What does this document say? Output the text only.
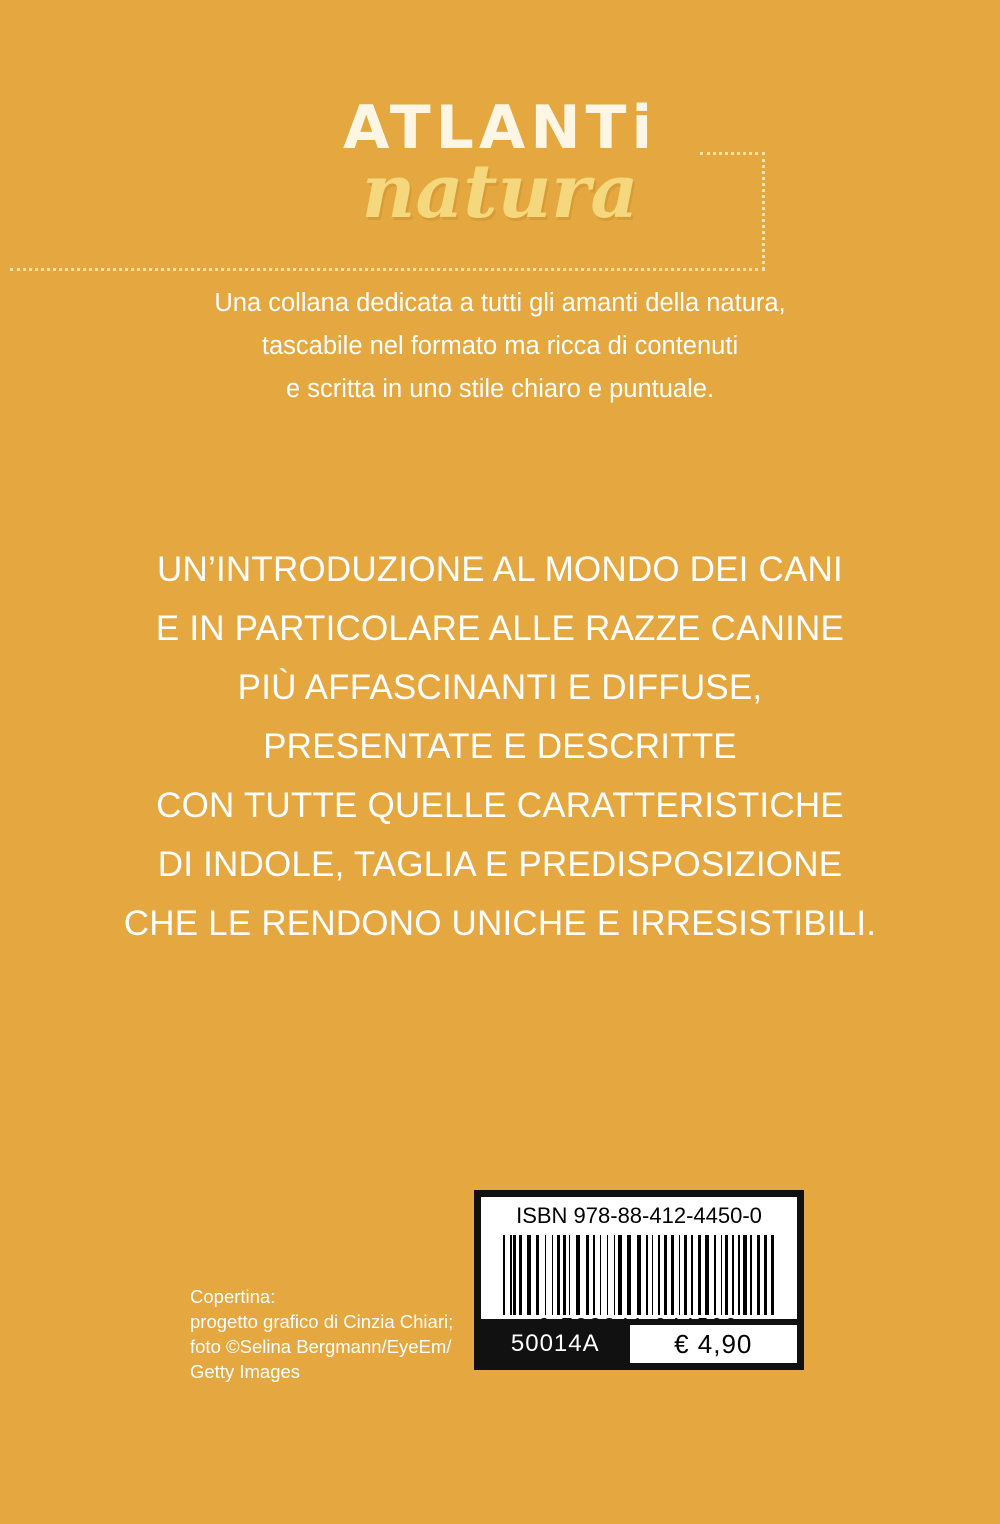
ATLANTi
natura
Una collana dedicata a tutti gli amanti della natura,
tascabile nel formato ma ricca di contenuti
e scritta in uno stile chiaro e puntuale.
UN’INTRODUZIONE AL MONDO DEI CANI
E IN PARTICOLARE ALLE RAZZE CANINE
PIÙ AFFASCINANTI E DIFFUSE,
PRESENTATE E DESCRITTE
CON TUTTE QUELLE CARATTERISTICHE
DI INDOLE, TAGLIA E PREDISPOSIZIONE
CHE LE RENDONO UNICHE E IRRESISTIBILI.
Copertina:
progetto grafico di Cinzia Chiari;
foto ©Selina Bergmann/EyeEm/
Getty Images
ISBN 978-88-412-4450-0
50014A	€ 4,90
